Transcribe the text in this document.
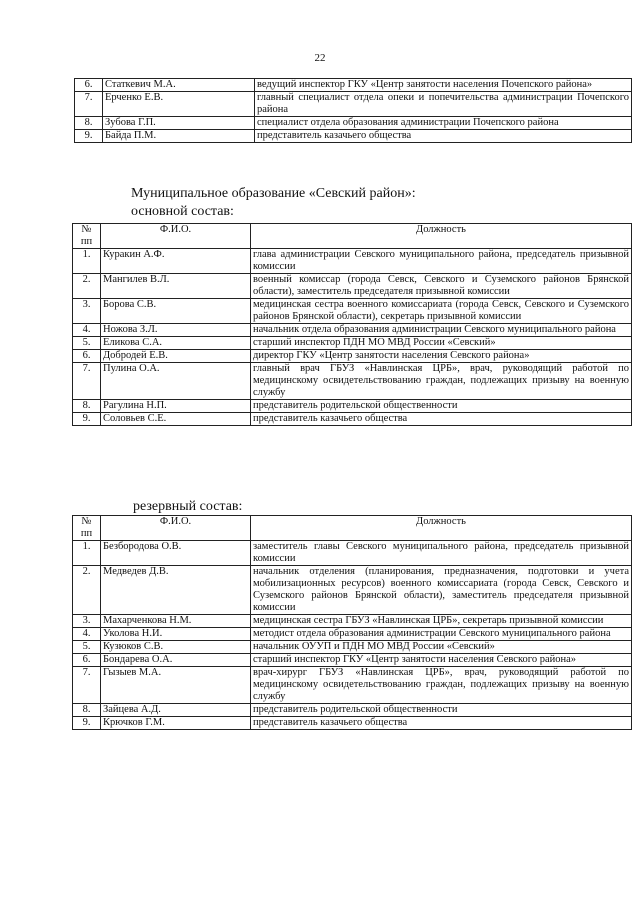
22
6.	Статкевич М.А.	ведущий инспектор ГКУ «Центр занятости населения Почепского района»
7.	Ерченко Е.В.	главный специалист отдела опеки и попечительства администрации Почепского района
8.	Зубова Г.П.	специалист отдела образования администрации Почепского района
9.	Байда П.М.	представитель казачьего общества
Муниципальное образование «Севский район»:
основной состав:
№ пп	Ф.И.О.	Должность
1.	Куракин А.Ф.	глава администрации Севского муниципального района, председатель призывной комиссии
2.	Мангилев В.Л.	военный комиссар (города Севск, Севского и Суземского районов Брянской области), заместитель председателя призывной комиссии
3.	Борова С.В.	медицинская сестра военного комиссариата (города Севск, Севского и Суземского районов Брянской области), секретарь призывной комиссии
4.	Ножова З.Л.	начальник отдела образования администрации Севского муниципального района
5.	Еликова С.А.	старший инспектор ПДН МО МВД России «Севский»
6.	Добродей Е.В.	директор ГКУ «Центр занятости населения Севского района»
7.	Пулина О.А.	главный врач ГБУЗ «Навлинская ЦРБ», врач, руководящий работой по медицинскому освидетельствованию граждан, подлежащих призыву на военную службу
8.	Рагулина Н.П.	представитель родительской общественности
9.	Соловьев С.Е.	представитель казачьего общества
резервный состав:
№ пп	Ф.И.О.	Должность
1.	Безбородова О.В.	заместитель главы Севского муниципального района, председатель призывной комиссии
2.	Медведев Д.В.	начальник отделения (планирования, предназначения, подготовки и учета мобилизационных ресурсов) военного комиссариата (города Севск, Севского и Суземского районов Брянской области), заместитель председателя призывной комиссии
3.	Махарченкова Н.М.	медицинская сестра ГБУЗ «Навлинская ЦРБ», секретарь призывной комиссии
4.	Уколова Н.И.	методист отдела образования администрации Севского муниципального района
5.	Кузюков С.В.	начальник ОУУП и ПДН МО МВД России «Севский»
6.	Бондарева О.А.	старший инспектор ГКУ «Центр занятости населения Севского района»
7.	Гызыев М.А.	врач-хирург ГБУЗ «Навлинская ЦРБ», врач, руководящий работой по медицинскому освидетельствованию граждан, подлежащих призыву на военную службу
8.	Зайцева А.Д.	представитель родительской общественности
9.	Крючков Г.М.	представитель казачьего общества
